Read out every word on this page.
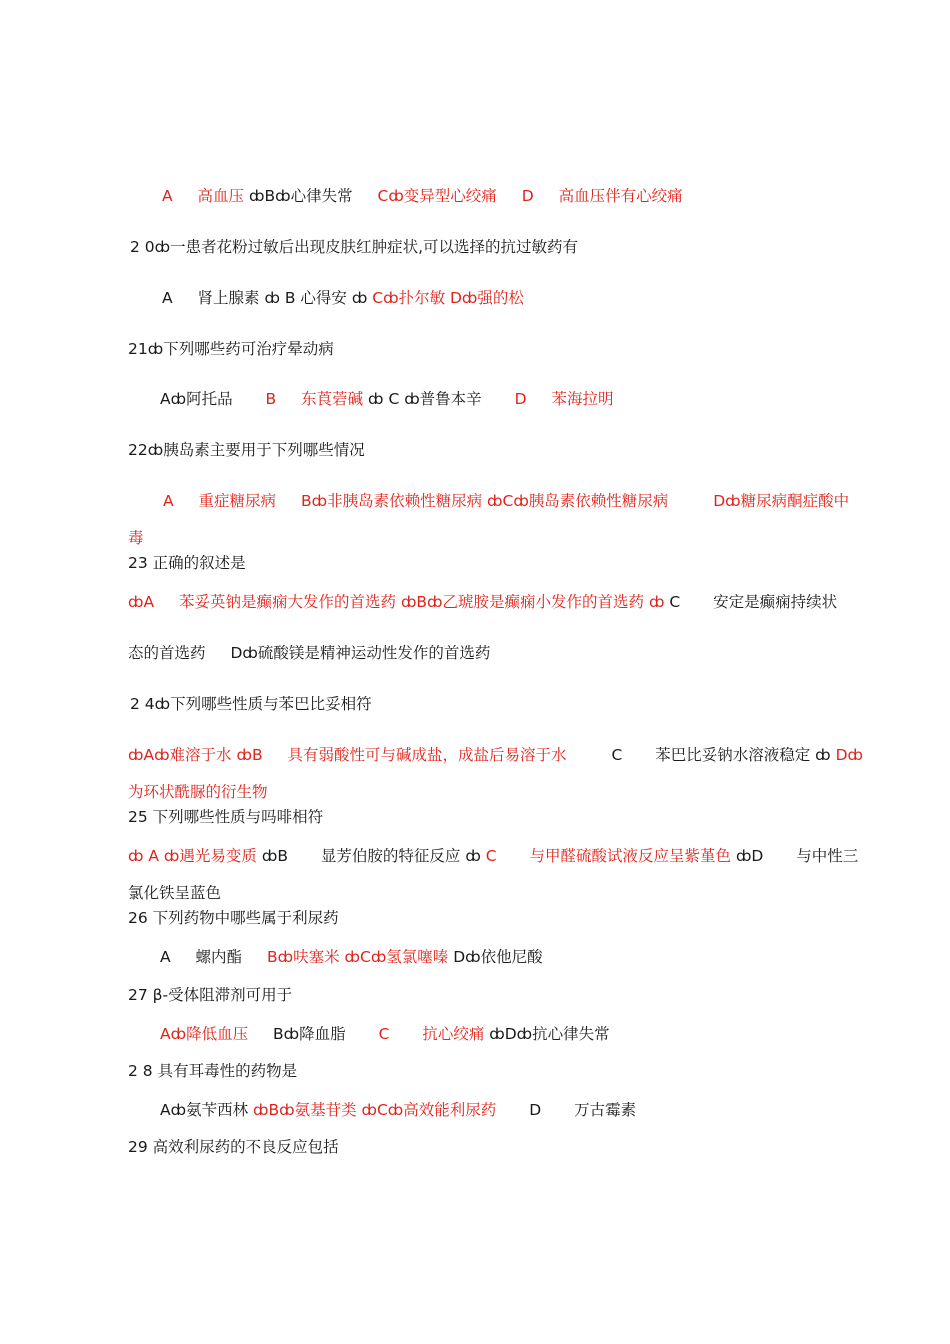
A 高血压 ȸBȸ心律失常 Cȸ变异型心绞痛 D 高血压伴有心绞痛
2 0ȸ一患者花粉过敏后出现皮肤红肿症状,可以选择的抗过敏药有
A 肾上腺素 ȸ B 心得安 ȸ Cȸ扑尔敏 Dȸ强的松
21ȸ下列哪些药可治疗晕动病
Aȸ阿托品 B 东莨菪碱 ȸ C ȸ普鲁本辛 D 苯海拉明
22ȸ胰岛素主要用于下列哪些情况
A 重症糖尿病 Bȸ非胰岛素依赖性糖尿病 ȸCȸ胰岛素依赖性糖尿病	Dȸ糖尿病酮症酸中
毒
23 正确的叙述是
ȸA 苯妥英钠是癫痫大发作的首选药 ȸBȸ乙琥胺是癫痫小发作的首选药 ȸ C 安定是癫痫持续状
态的首选药 Dȸ硫酸镁是精神运动性发作的首选药
2 4ȸ下列哪些性质与苯巴比妥相符
ȸAȸ难溶于水 ȸB 具有弱酸性可与碱成盐，成盐后易溶于水	C 苯巴比妥钠水溶液稳定 ȸ Dȸ
为环状酰脲的衍生物
25 下列哪些性质与吗啡相符
ȸ A ȸ遇光易变质 ȸB 显芳伯胺的特征反应 ȸ C 与甲醛硫酸试液反应呈紫堇色 ȸD 与中性三
氯化铁呈蓝色
26 下列药物中哪些属于利尿药
A 螺内酯 Bȸ呋塞米 ȸCȸ氢氯噻嗪 Dȸ依他尼酸
27 β-受体阻滞剂可用于
Aȸ降低血压 Bȸ降血脂 C 抗心绞痛 ȸDȸ抗心律失常
2 8 具有耳毒性的药物是
Aȸ氨苄西林 ȸBȸ氨基苷类 ȸCȸ高效能利尿药 D 万古霉素
29 高效利尿药的不良反应包括
